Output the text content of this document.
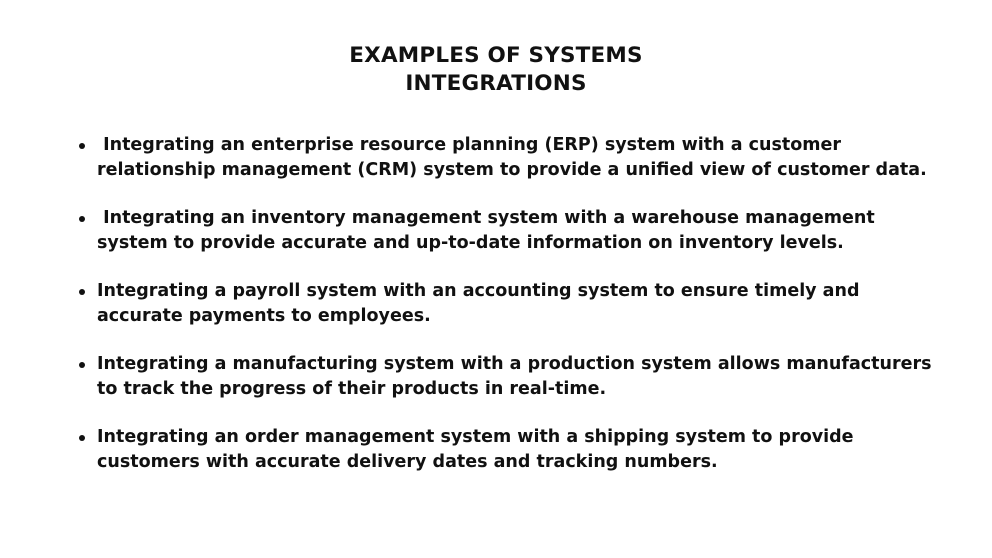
EXAMPLES OF SYSTEMS
INTEGRATIONS
Integrating an enterprise resource planning (ERP) system with a customer relationship management (CRM) system to provide a unified view of customer data.
Integrating an inventory management system with a warehouse management system to provide accurate and up-to-date information on inventory levels.
Integrating a payroll system with an accounting system to ensure timely and accurate payments to employees.
Integrating a manufacturing system with a production system allows manufacturers to track the progress of their products in real-time.
Integrating an order management system with a shipping system to provide customers with accurate delivery dates and tracking numbers.
